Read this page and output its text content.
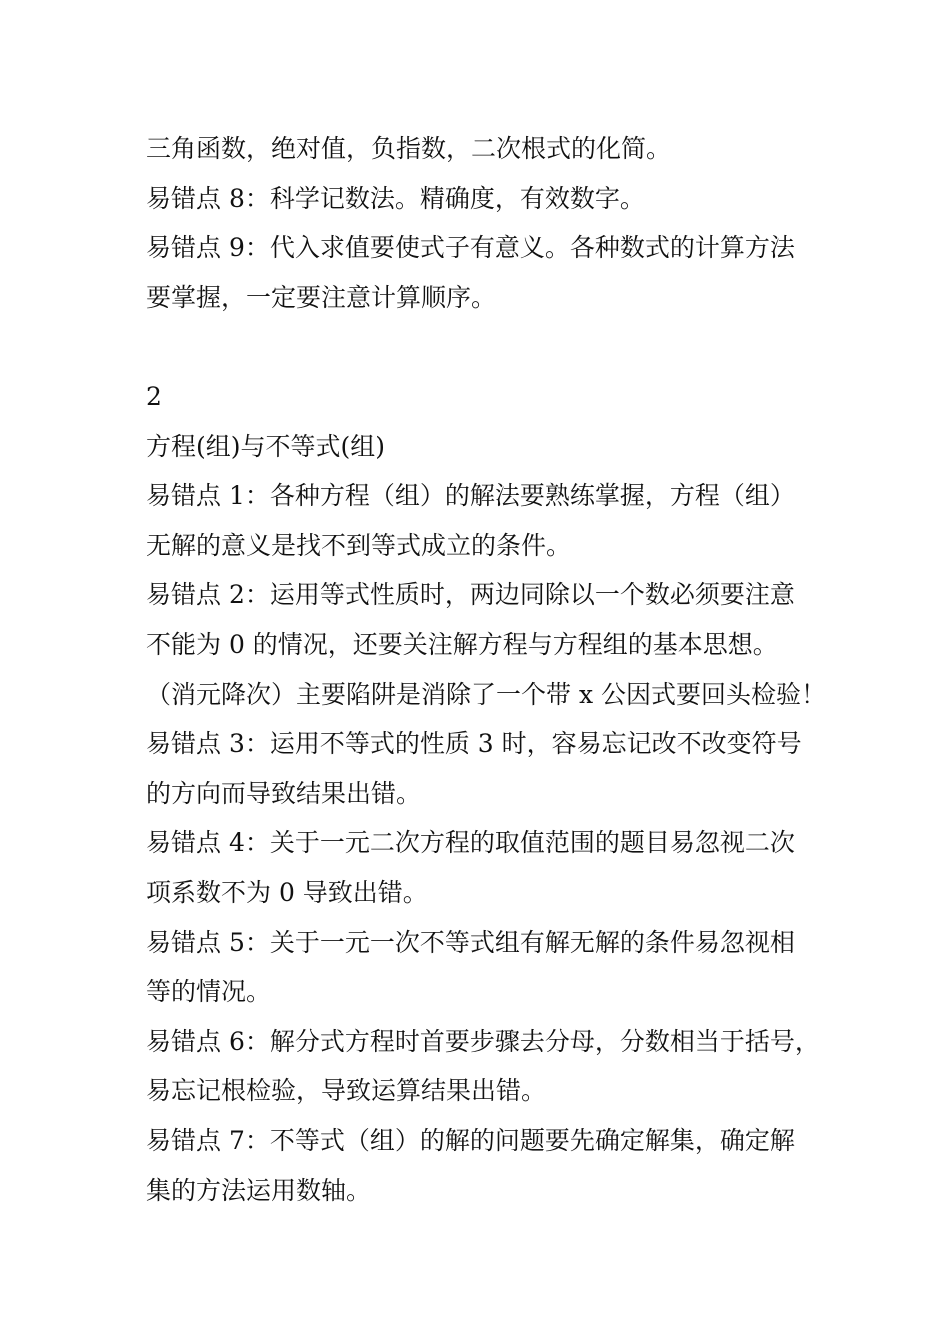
三角函数，绝对值，负指数，二次根式的化简。

易错点 8：科学记数法。精确度，有效数字。

易错点 9：代入求值要使式子有意义。各种数式的计算方法

要掌握，一定要注意计算顺序。

2

方程(组)与不等式(组)

易错点 1：各种方程（组）的解法要熟练掌握，方程（组）

无解的意义是找不到等式成立的条件。

易错点 2：运用等式性质时，两边同除以一个数必须要注意

不能为 0 的情况，还要关注解方程与方程组的基本思想。

（消元降次）主要陷阱是消除了一个带 x 公因式要回头检验！

易错点 3：运用不等式的性质 3 时，容易忘记改不改变符号

的方向而导致结果出错。

易错点 4：关于一元二次方程的取值范围的题目易忽视二次

项系数不为 0 导致出错。

易错点 5：关于一元一次不等式组有解无解的条件易忽视相

等的情况。

易错点 6：解分式方程时首要步骤去分母，分数相当于括号，

易忘记根检验，导致运算结果出错。

易错点 7：不等式（组）的解的问题要先确定解集，确定解

集的方法运用数轴。
